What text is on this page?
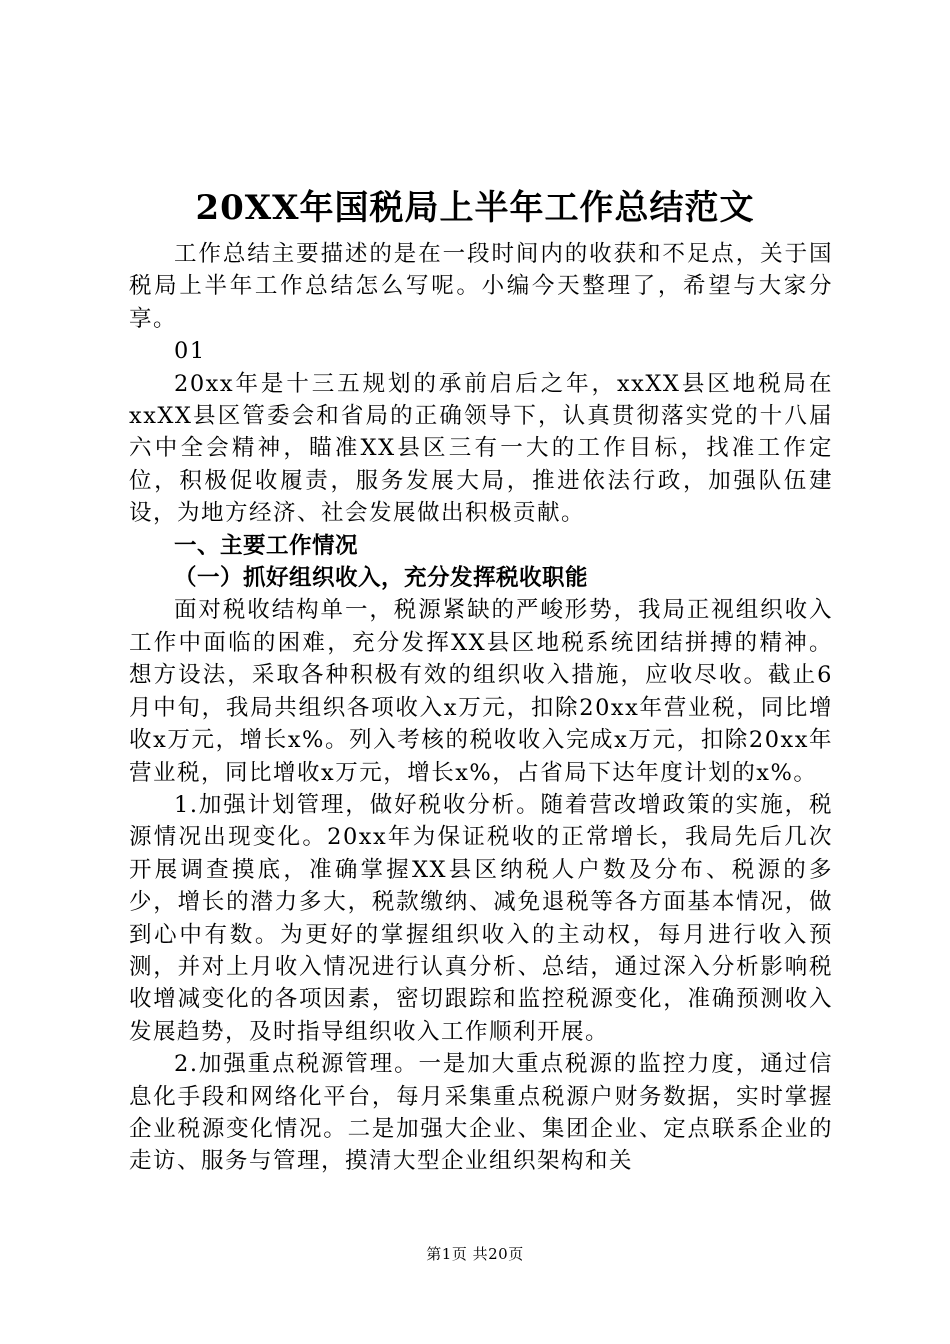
20XX年国税局上半年工作总结范文

工作总结主要描述的是在一段时间内的收获和不足点，关于国税局上半年工作总结怎么写呢。小编今天整理了，希望与大家分享。

01

20xx年是十三五规划的承前启后之年，xxXX县区地税局在xxXX县区管委会和省局的正确领导下，认真贯彻落实党的十八届六中全会精神，瞄准XX县区三有一大的工作目标，找准工作定位，积极促收履责，服务发展大局，推进依法行政，加强队伍建设，为地方经济、社会发展做出积极贡献。

一、主要工作情况

（一）抓好组织收入，充分发挥税收职能

面对税收结构单一，税源紧缺的严峻形势，我局正视组织收入工作中面临的困难，充分发挥XX县区地税系统团结拼搏的精神。想方设法，采取各种积极有效的组织收入措施，应收尽收。截止6月中旬，我局共组织各项收入x万元，扣除20xx年营业税，同比增收x万元，增长x%。列入考核的税收收入完成x万元，扣除20xx年营业税，同比增收x万元，增长x%，占省局下达年度计划的x%。

1.加强计划管理，做好税收分析。随着营改增政策的实施，税源情况出现变化。20xx年为保证税收的正常增长，我局先后几次开展调查摸底，准确掌握XX县区纳税人户数及分布、税源的多少，增长的潜力多大，税款缴纳、减免退税等各方面基本情况，做到心中有数。为更好的掌握组织收入的主动权，每月进行收入预测，并对上月收入情况进行认真分析、总结，通过深入分析影响税收增减变化的各项因素，密切跟踪和监控税源变化，准确预测收入发展趋势，及时指导组织收入工作顺利开展。

2.加强重点税源管理。一是加大重点税源的监控力度，通过信息化手段和网络化平台，每月采集重点税源户财务数据，实时掌握企业税源变化情况。二是加强大企业、集团企业、定点联系企业的走访、服务与管理，摸清大型企业组织架构和关

第1页 共20页
